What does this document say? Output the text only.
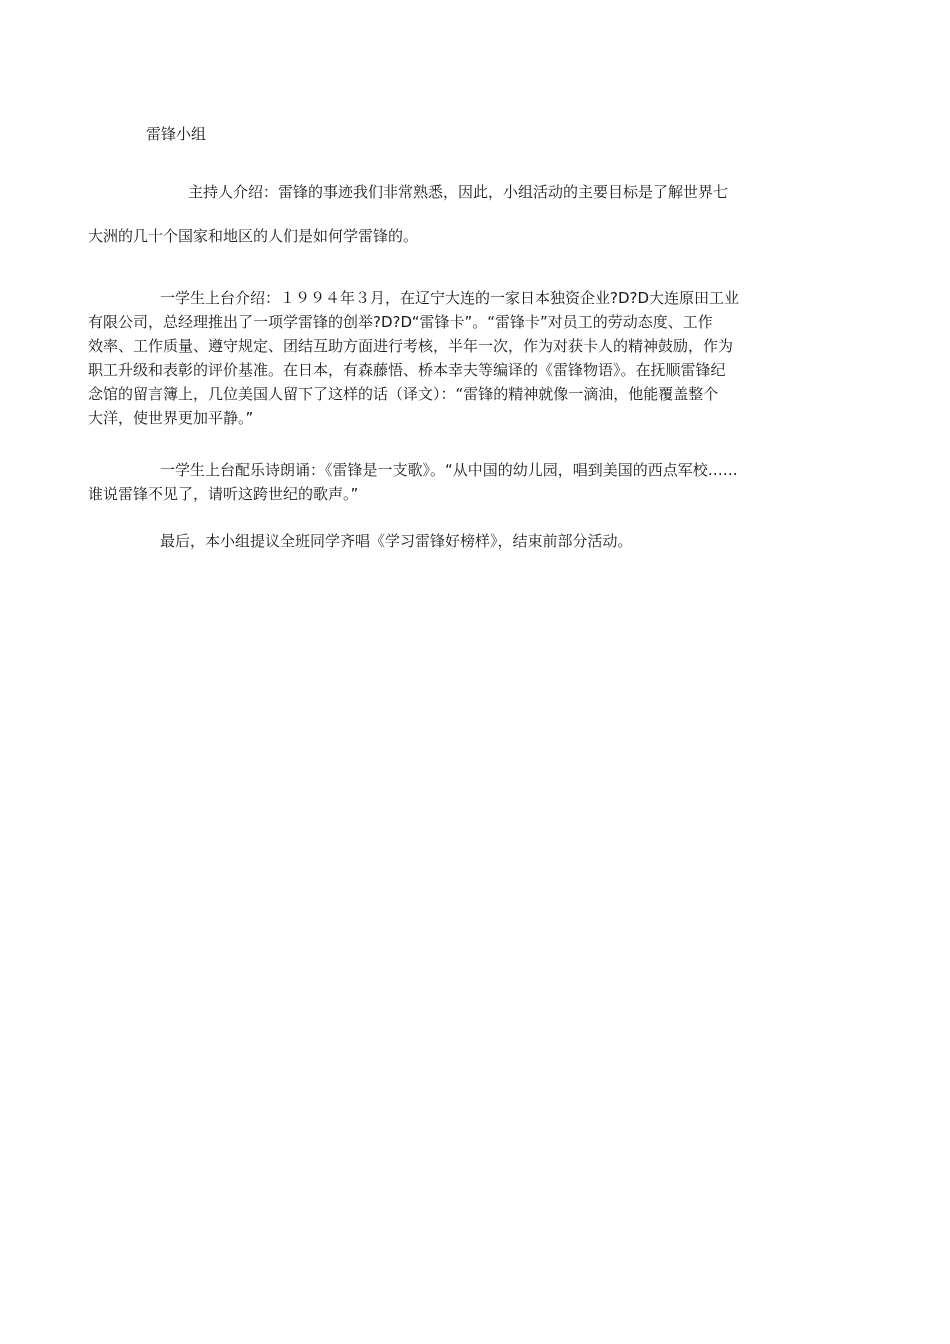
雷锋小组
主持人介绍：雷锋的事迹我们非常熟悉，因此，小组活动的主要目标是了解世界七
大洲的几十个国家和地区的人们是如何学雷锋的。
一学生上台介绍：１９９４年３月，在辽宁大连的一家日本独资企业?D?D大连原田工业
有限公司，总经理推出了一项学雷锋的创举?D?D“雷锋卡”。“雷锋卡”对员工的劳动态度、工作
效率、工作质量、遵守规定、团结互助方面进行考核，半年一次，作为对获卡人的精神鼓励，作为
职工升级和表彰的评价基准。在日本，有森藤悟、桥本幸夫等编译的《雷锋物语》。在抚顺雷锋纪
念馆的留言簿上，几位美国人留下了这样的话（译文）：“雷锋的精神就像一滴油，他能覆盖整个
大洋，使世界更加平静。”
一学生上台配乐诗朗诵：《雷锋是一支歌》。“从中国的幼儿园，唱到美国的西点军校……
谁说雷锋不见了，请听这跨世纪的歌声。”
最后，本小组提议全班同学齐唱《学习雷锋好榜样》，结束前部分活动。
